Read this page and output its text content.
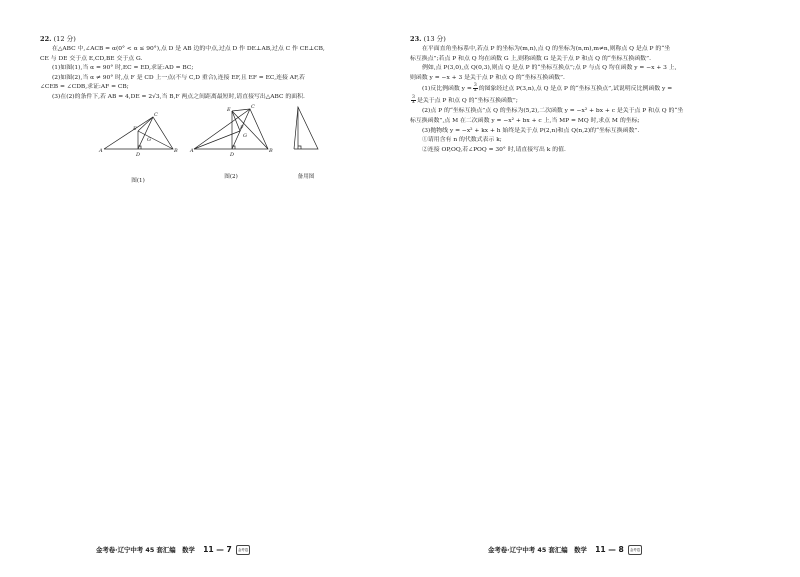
22. (12 分)

在△ABC 中,∠ACB = α(0° < α ≤ 90°),点 D 是 AB 边的中点,过点 D 作 DE⊥AB,过点 C 作 CE⊥CB,

CE 与 DE 交于点 E,CD,BE 交于点 G.

(1)如图(1),当 α = 90° 时,EC = ED,求证:AD = BC;

(2)如图(2),当 α ≠ 90° 时,点 F 是 CD 上一点(不与 C,D 重合),连接 EF,且 EF = EC,连接 AF,若

∠CEB = ∠CDB,求证:AF = CB;

(3)在(2)的条件下,若 AB = 4,DE = 2√3,当 B,F 两点之间距离最短时,请直接写出△ABC 的面积.

A	B
C
D
E
G
图(1)
A	B
C
D
E
F
G
图(2)	备用图
23. (13 分)

在平面直角坐标系中,若点 P 的坐标为(m,n),点 Q 的坐标为(n,m),m≠n,则称点 Q 是点 P 的“坐

标互换点”;若点 P 和点 Q 均在函数 G 上,则称函数 G 是关于点 P 和点 Q 的“坐标互换函数”.

例如,点 P(3,0),点 Q(0,3),则点 Q 是点 P 的“坐标互换点”;点 P 与点 Q 均在函数 y = −x + 3 上,

则函数 y = −x + 3 是关于点 P 和点 Q 的“坐标互换函数”.

(1)反比例函数 $y = \frac{3}{x}$ 的图象经过点 P(3,n),点 Q 是点 P 的“坐标互换点”,试说明反比例函数 y =

$\frac{3}{x}$ 是关于点 P 和点 Q 的“坐标互换函数”;

(2)点 P 的“坐标互换点”点 Q 的坐标为(5,2),二次函数 y = −x² + bx + c 是关于点 P 和点 Q 的“坐

标互换函数”,点 M 在二次函数 y = −x² + bx + c 上,当 MP = MQ 时,求点 M 的坐标;

(3)抛物线 y = −x² + kx + h 始终是关于点 P(2,n)和点 Q(n,2)的“坐标互换函数”.

①请用含有 n 的代数式表示 k;

②连接 OP,OQ,若∠POQ = 30° 时,请直接写出 k 的值.

金考卷·辽宁中考 45 套汇编　数学 11 — 7 金考卷	金考卷·辽宁中考 45 套汇编　数学 11 — 8 金考卷
